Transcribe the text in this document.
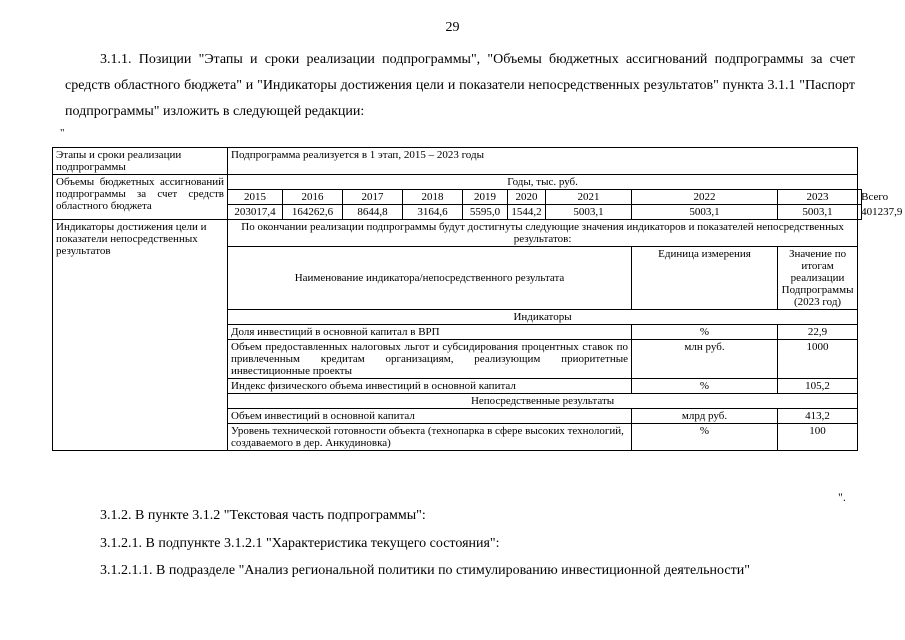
29
3.1.1. Позиции "Этапы и сроки реализации подпрограммы", "Объемы бюджетных ассигнований подпрограммы за счет средств областного бюджета" и "Индикаторы достижения цели и показатели непосредственных результатов" пункта 3.1.1 "Паспорт подпрограммы" изложить в следующей редакции:
"
Этапы и сроки реализации подпрограммы	Подпрограмма реализуется в 1 этап, 2015 – 2023 годы									
Объемы бюджетных ассигнований подпрограммы за счет средств областного бюджета	Годы, тыс. руб.									
	2015	2016	2017	2018	2019	2020	2021	2022	2023	Всего
	203017,4	164262,6	8644,8	3164,6	5595,0	1544,2	5003,1	5003,1	5003,1	401237,9
Индикаторы достижения цели и показатели непосредственных результатов	По окончании реализации подпрограммы будут достигнуты следующие значения индикаторов и показателей непосредственных результатов:									
	Наименование индикатора/непосредственного результата							Единица измерения	Значение по итогам реализации Подпрограммы (2023 год)	
	Индикаторы									
	Доля инвестиций в основной капитал в ВРП							%	22,9	
	Объем предоставленных налоговых льгот и субсидирования процентных ставок по привлеченным кредитам организациям, реализующим приоритетные инвестиционные проекты							млн руб.	1000	
	Индекс физического объема инвестиций в основной капитал							%	105,2	
	Непосредственные результаты									
	Объем инвестиций в основной капитал							млрд руб.	413,2	
	Уровень технической готовности объекта (технопарка в сфере высоких технологий, создаваемого в дер. Анкудиновка)							%	100	
".
3.1.2. В пункте 3.1.2 "Текстовая часть подпрограммы":
3.1.2.1. В подпункте 3.1.2.1 "Характеристика текущего состояния":
3.1.2.1.1. В подразделе "Анализ региональной политики по стимулированию инвестиционной деятельности"
